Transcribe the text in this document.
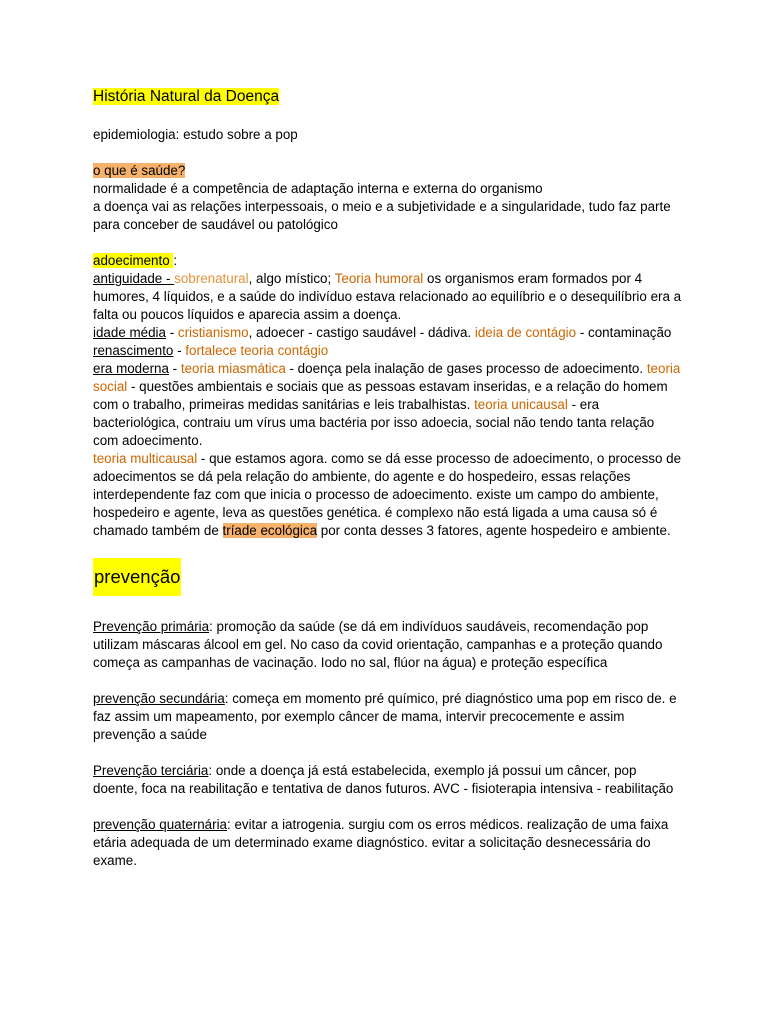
História Natural da Doença

epidemiologia: estudo sobre a pop

o que é saúde?

normalidade é a competência de adaptação interna e externa do organismo

a doença vai as relações interpessoais, o meio e a subjetividade e a singularidade, tudo faz parte para conceber de saudável ou patológico

adoecimento :

antiguidade - sobrenatural, algo místico; Teoria humoral os organismos eram formados por 4 humores, 4 líquidos, e a saúde do indivíduo estava relacionado ao equilíbrio e o desequilíbrio era a falta ou poucos líquidos e aparecia assim a doença.

idade média - cristianismo, adoecer - castigo saudável - dádiva. ideia de contágio - contaminação

renascimento - fortalece teoria contágio

era moderna - teoria miasmática - doença pela inalação de gases processo de adoecimento. teoria social - questões ambientais e sociais que as pessoas estavam inseridas, e a relação do homem com o trabalho, primeiras medidas sanitárias e leis trabalhistas. teoria unicausal - era bacteriológica, contraiu um vírus uma bactéria por isso adoecia, social não tendo tanta relação com adoecimento.

teoria multicausal - que estamos agora. como se dá esse processo de adoecimento, o processo de adoecimentos se dá pela relação do ambiente, do agente e do hospedeiro, essas relações interdependente faz com que inicia o processo de adoecimento. existe um campo do ambiente, hospedeiro e agente, leva as questões genética. é complexo não está ligada a uma causa só é chamado também de tríade ecológica por conta desses 3 fatores, agente hospedeiro e ambiente.

prevenção

Prevenção primária: promoção da saúde (se dá em indivíduos saudáveis, recomendação pop utilizam máscaras álcool em gel. No caso da covid orientação, campanhas e a proteção quando começa as campanhas de vacinação. Iodo no sal, flúor na água) e proteção específica

prevenção secundária: começa em momento pré químico, pré diagnóstico uma pop em risco de. e faz assim um mapeamento, por exemplo câncer de mama, intervir precocemente e assim prevenção a saúde

Prevenção terciária: onde a doença já está estabelecida, exemplo já possui um câncer, pop doente, foca na reabilitação e tentativa de danos futuros. AVC - fisioterapia intensiva - reabilitação

prevenção quaternária: evitar a iatrogenia. surgiu com os erros médicos. realização de uma faixa etária adequada de um determinado exame diagnóstico. evitar a solicitação desnecessária do exame.
